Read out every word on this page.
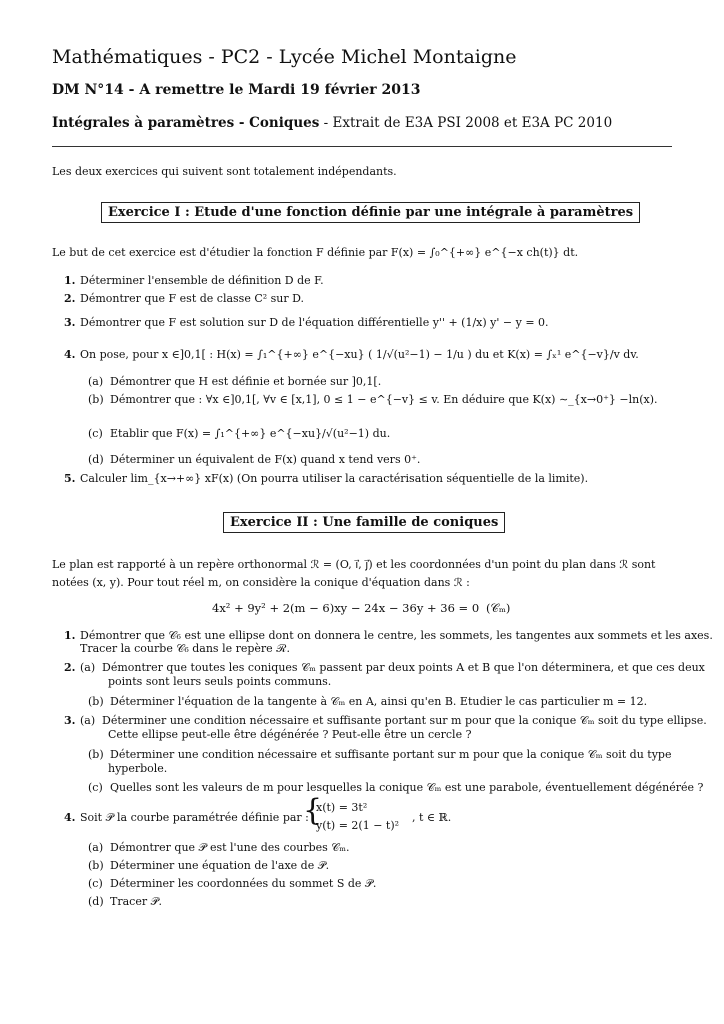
Mathématiques - PC2 - Lycée Michel Montaigne
DM N°14 - A remettre le Mardi 19 février 2013
Intégrales à paramètres - Coniques - Extrait de E3A PSI 2008 et E3A PC 2010
Les deux exercices qui suivent sont totalement indépendants.
Exercice I : Etude d'une fonction définie par une intégrale à paramètres
Le but de cet exercice est d'étudier la fonction F définie par F(x) = ∫₀^{+∞} e^{−x ch(t)} dt.
1. Déterminer l'ensemble de définition D de F.
2. Démontrer que F est de classe C² sur D.
3. Démontrer que F est solution sur D de l'équation différentielle y'' + (1/x) y' − y = 0.
4. On pose, pour x ∈]0,1[ : H(x) = ∫₁^{+∞} e^{−xu} ( 1/√(u²−1) − 1/u ) du et K(x) = ∫ₓ¹ e^{−v}/v dv.
(a) Démontrer que H est définie et bornée sur ]0,1[.
(b) Démontrer que : ∀x ∈]0,1[, ∀v ∈ [x,1], 0 ≤ 1 − e^{−v} ≤ v. En déduire que K(x) ∼_{x→0⁺} −ln(x).
(c) Etablir que F(x) = ∫₁^{+∞} e^{−xu}/√(u²−1) du.
(d) Déterminer un équivalent de F(x) quand x tend vers 0⁺.
5. Calculer lim_{x→+∞} xF(x) (On pourra utiliser la caractérisation séquentielle de la limite).
Exercice II : Une famille de coniques
Le plan est rapporté à un repère orthonormal ℛ = (O, i⃗, j⃗) et les coordonnées d'un point du plan dans ℛ sont
notées (x, y). Pour tout réel m, on considère la conique d'équation dans ℛ :
4x² + 9y² + 2(m − 6)xy − 24x − 36y + 36 = 0 (𝒞ₘ)
1. Démontrer que 𝒞₆ est une ellipse dont on donnera le centre, les sommets, les tangentes aux sommets et les axes.
Tracer la courbe 𝒞₆ dans le repère ℛ.
2. (a) Démontrer que toutes les coniques 𝒞ₘ passent par deux points A et B que l'on déterminera, et que ces deux
points sont leurs seuls points communs.
(b) Déterminer l'équation de la tangente à 𝒞ₘ en A, ainsi qu'en B. Etudier le cas particulier m = 12.
3. (a) Déterminer une condition nécessaire et suffisante portant sur m pour que la conique 𝒞ₘ soit du type ellipse.
Cette ellipse peut-elle être dégénérée ? Peut-elle être un cercle ?
(b) Déterminer une condition nécessaire et suffisante portant sur m pour que la conique 𝒞ₘ soit du type
hyperbole.
(c) Quelles sont les valeurs de m pour lesquelles la conique 𝒞ₘ est une parabole, éventuellement dégénérée ?
4. Soit 𝒫 la courbe paramétrée définie par :
{
x(t) = 3t²
y(t) = 2(1 − t)²
, t ∈ ℝ.
(a) Démontrer que 𝒫 est l'une des courbes 𝒞ₘ.
(b) Déterminer une équation de l'axe de 𝒫.
(c) Déterminer les coordonnées du sommet S de 𝒫.
(d) Tracer 𝒫.
